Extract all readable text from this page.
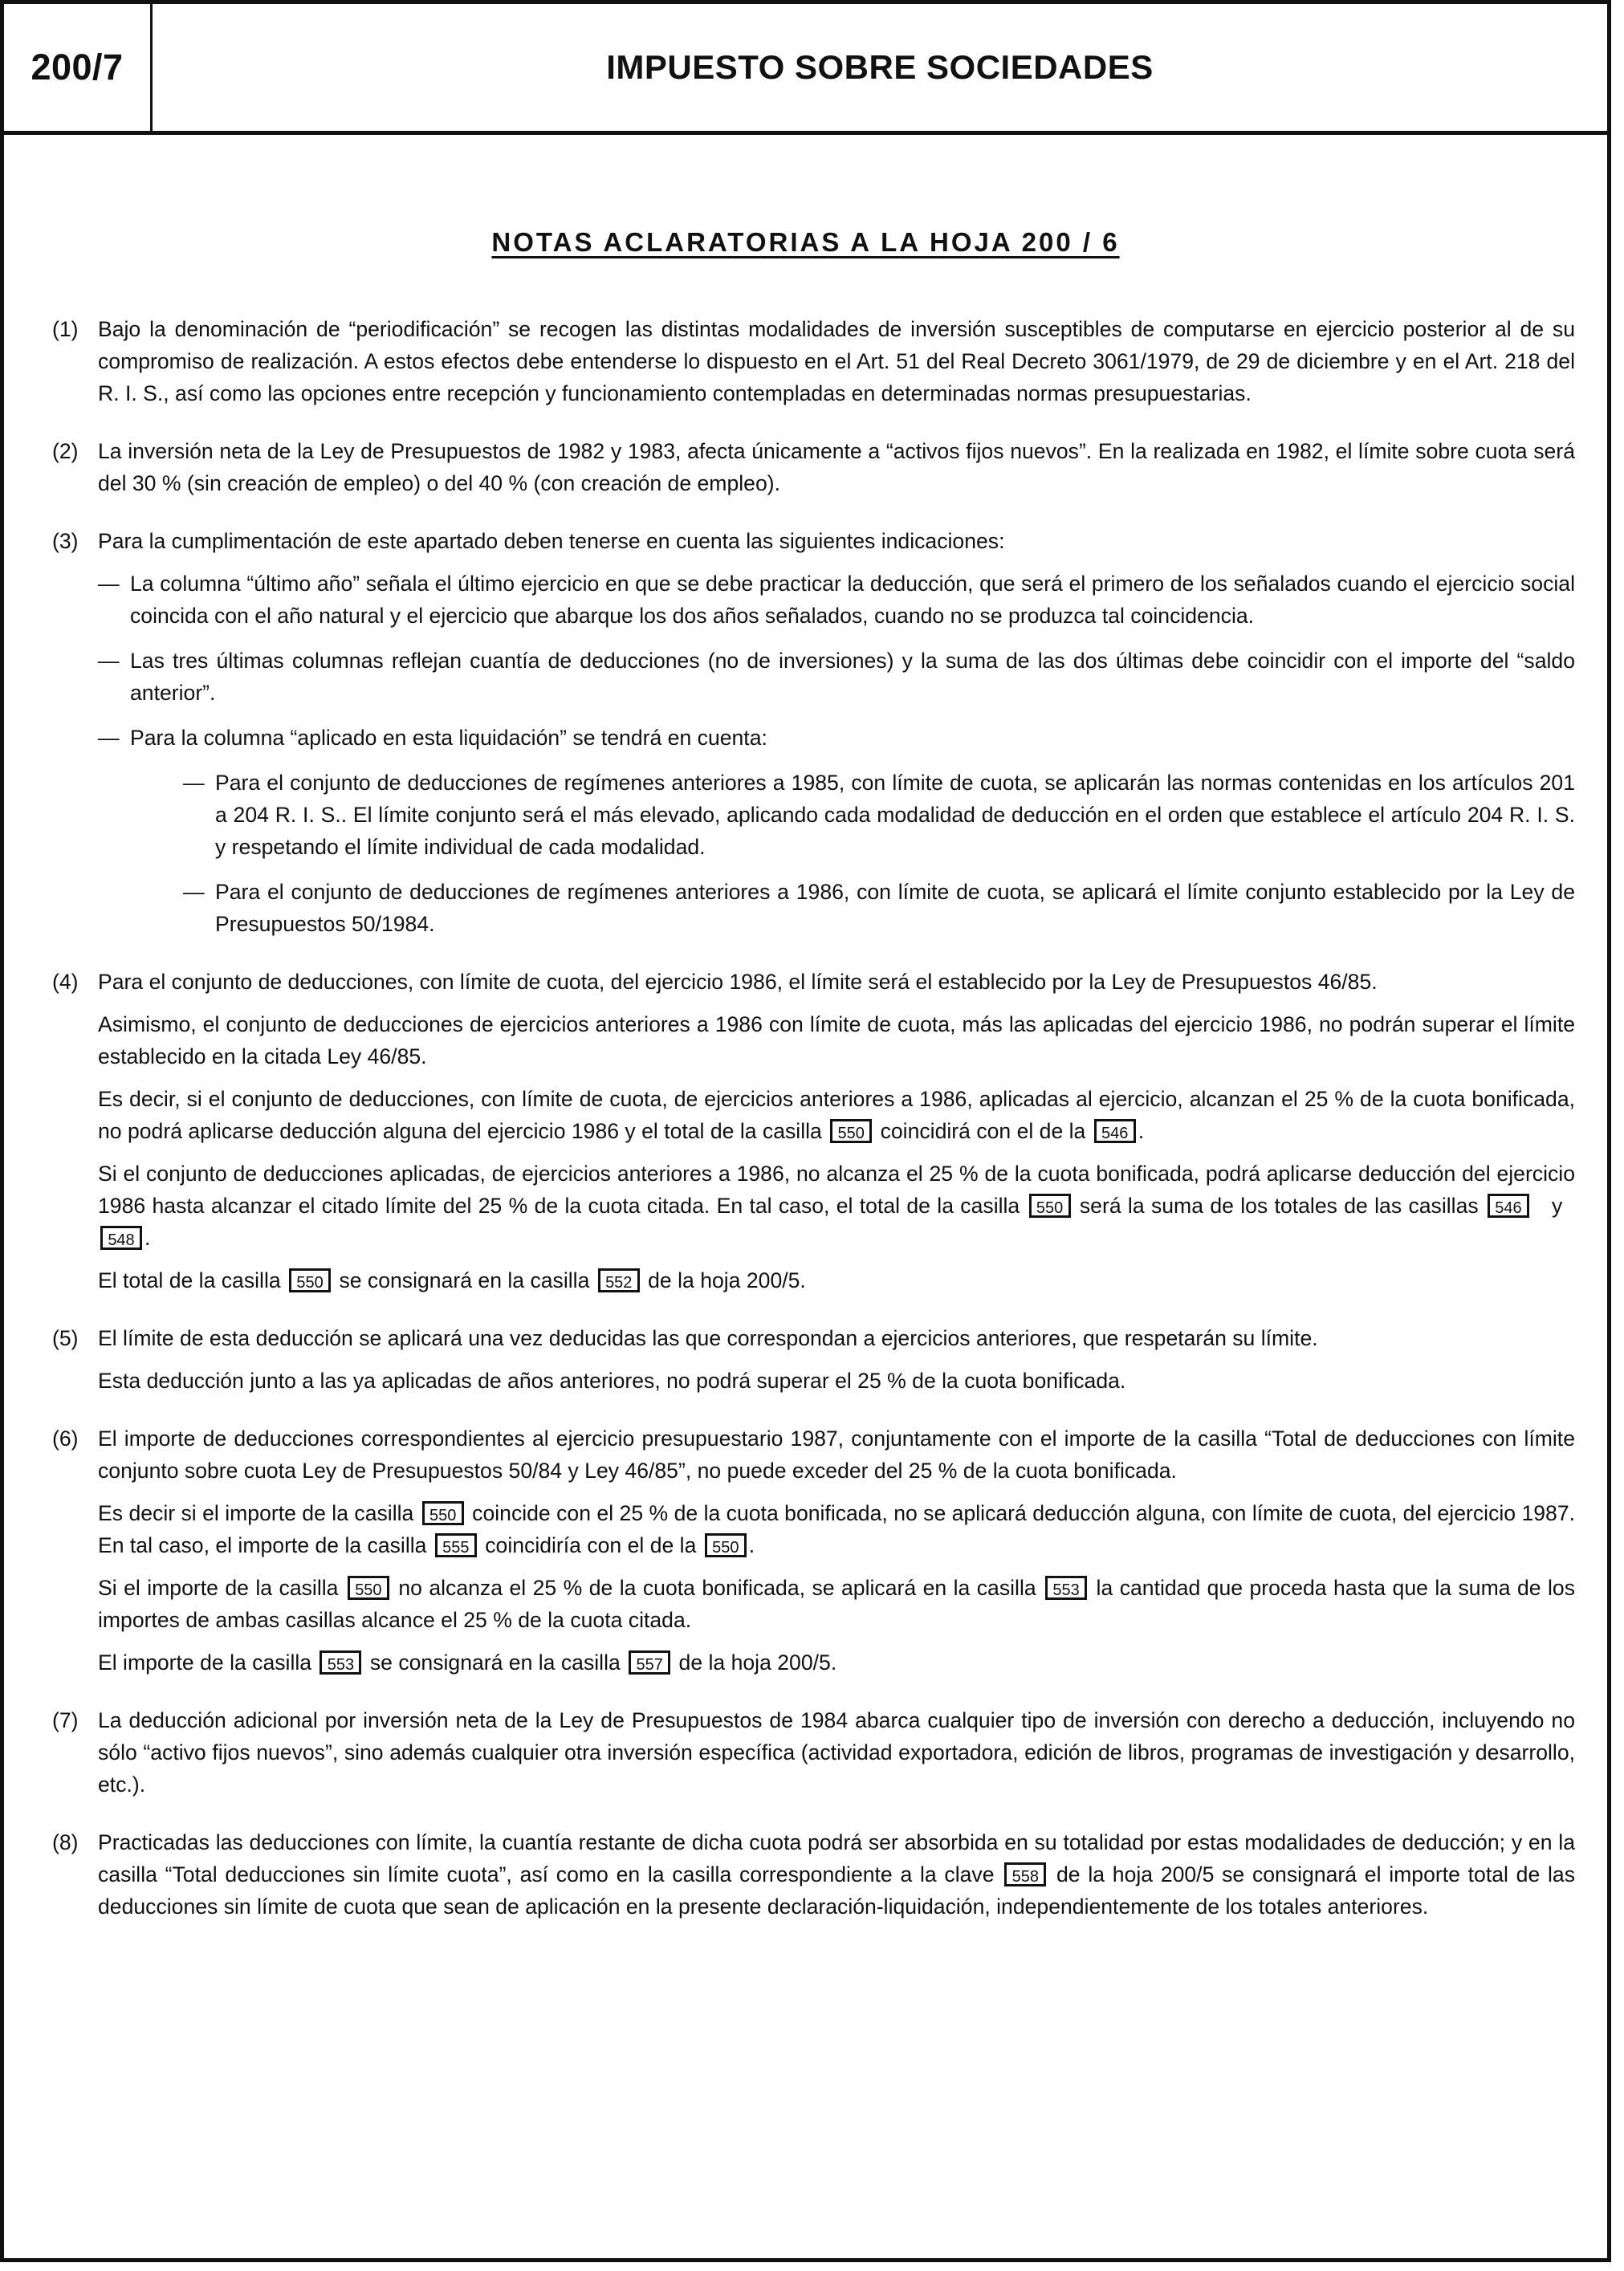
200/7	IMPUESTO SOBRE SOCIEDADES
NOTAS ACLARATORIAS A LA HOJA 200 / 6
(1) Bajo la denominación de “periodificación” se recogen las distintas modalidades de inversión susceptibles de computarse en ejercicio posterior al de su compromiso de realización. A estos efectos debe entenderse lo dispuesto en el Art. 51 del Real Decreto 3061/1979, de 29 de diciembre y en el Art. 218 del R. I. S., así como las opciones entre recepción y funcionamiento contempladas en determinadas normas presupuestarias.

(2) La inversión neta de la Ley de Presupuestos de 1982 y 1983, afecta únicamente a “activos fijos nuevos”. En la realizada en 1982, el límite sobre cuota será del 30 % (sin creación de empleo) o del 40 % (con creación de empleo).

(3) Para la cumplimentación de este apartado deben tenerse en cuenta las siguientes indicaciones:

— La columna “último año” señala el último ejercicio en que se debe practicar la deducción, que será el primero de los señalados cuando el ejercicio social coincida con el año natural y el ejercicio que abarque los dos años señalados, cuando no se produzca tal coincidencia.
— Las tres últimas columnas reflejan cuantía de deducciones (no de inversiones) y la suma de las dos últimas debe coincidir con el importe del “saldo anterior”.
— Para la columna “aplicado en esta liquidación” se tendrá en cuenta:
— Para el conjunto de deducciones de regímenes anteriores a 1985, con límite de cuota, se aplicarán las normas contenidas en los artículos 201 a 204 R. I. S.. El límite conjunto será el más elevado, aplicando cada modalidad de deducción en el orden que establece el artículo 204 R. I. S. y respetando el límite individual de cada modalidad.
— Para el conjunto de deducciones de regímenes anteriores a 1986, con límite de cuota, se aplicará el límite conjunto establecido por la Ley de Presupuestos 50/1984.
(4) Para el conjunto de deducciones, con límite de cuota, del ejercicio 1986, el límite será el establecido por la Ley de Presupuestos 46/85.

Asimismo, el conjunto de deducciones de ejercicios anteriores a 1986 con límite de cuota, más las aplicadas del ejercicio 1986, no podrán superar el límite establecido en la citada Ley 46/85.

Es decir, si el conjunto de deducciones, con límite de cuota, de ejercicios anteriores a 1986, aplicadas al ejercicio, alcanzan el 25 % de la cuota bonificada, no podrá aplicarse deducción alguna del ejercicio 1986 y el total de la casilla 550 coincidirá con el de la 546 .

Si el conjunto de deducciones aplicadas, de ejercicios anteriores a 1986, no alcanza el 25 % de la cuota bonificada, podrá aplicarse deducción del ejercicio 1986 hasta alcanzar el citado límite del 25 % de la cuota citada. En tal caso, el total de la casilla 550 será la suma de los totales de las casillas 546 y   548 .

El total de la casilla 550 se consignará en la casilla 552 de la hoja 200/5.

(5) El límite de esta deducción se aplicará una vez deducidas las que correspondan a ejercicios anteriores, que respetarán su límite.

Esta deducción junto a las ya aplicadas de años anteriores, no podrá superar el 25 % de la cuota bonificada.

(6) El importe de deducciones correspondientes al ejercicio presupuestario 1987, conjuntamente con el importe de la casilla “Total de deducciones con límite conjunto sobre cuota Ley de Presupuestos 50/84 y Ley 46/85”, no puede exceder del 25 % de la cuota bonificada.

Es decir si el importe de la casilla 550 coincide con el 25 % de la cuota bonificada, no se aplicará deducción alguna, con límite de cuota, del ejercicio 1987. En tal caso, el importe de la casilla 555 coincidiría con el de la 550 .

Si el importe de la casilla 550 no alcanza el 25 % de la cuota bonificada, se aplicará en la casilla 553 la cantidad que proceda hasta que la suma de los importes de ambas casillas alcance el 25 % de la cuota citada.

El importe de la casilla 553 se consignará en la casilla 557 de la hoja 200/5.

(7) La deducción adicional por inversión neta de la Ley de Presupuestos de 1984 abarca cualquier tipo de inversión con derecho a deducción, incluyendo no sólo “activo fijos nuevos”, sino además cualquier otra inversión específica (actividad exportadora, edición de libros, programas de investigación y desarrollo, etc.).

(8) Practicadas las deducciones con límite, la cuantía restante de dicha cuota podrá ser absorbida en su totalidad por estas modalidades de deducción; y en la casilla “Total deducciones sin límite cuota”, así como en la casilla correspondiente a la clave 558 de la hoja 200/5 se consignará el importe total de las deducciones sin límite de cuota que sean de aplicación en la presente declaración-liquidación, independientemente de los totales anteriores.
